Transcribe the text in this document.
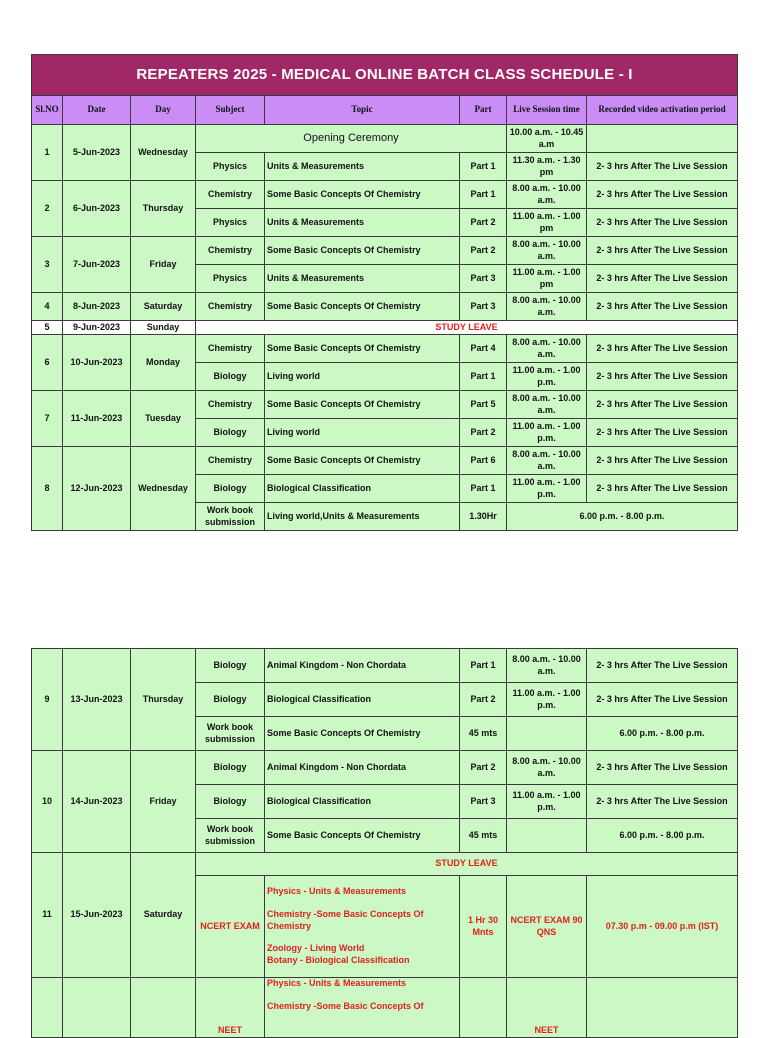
REPEATERS 2025 - MEDICAL ONLINE BATCH CLASS SCHEDULE - I							
Sl.NO	Date	Day	Subject	Topic	Part	Live Session time	Recorded video activation period
1	5-Jun-2023	Wednesday	Opening Ceremony			10.00 a.m. - 10.45 a.m	
			Physics	Units & Measurements	Part 1	11.30 a.m. - 1.30 pm	2- 3 hrs After The Live Session
2	6-Jun-2023	Thursday	Chemistry	Some Basic Concepts Of Chemistry	Part 1	8.00 a.m. - 10.00 a.m.	2- 3 hrs After The Live Session
			Physics	Units & Measurements	Part 2	11.00 a.m. - 1.00 pm	2- 3 hrs After The Live Session
3	7-Jun-2023	Friday	Chemistry	Some Basic Concepts Of Chemistry	Part 2	8.00 a.m. - 10.00 a.m.	2- 3 hrs After The Live Session
			Physics	Units & Measurements	Part 3	11.00 a.m. - 1.00 pm	2- 3 hrs After The Live Session
4	8-Jun-2023	Saturday	Chemistry	Some Basic Concepts Of Chemistry	Part 3	8.00 a.m. - 10.00 a.m.	2- 3 hrs After The Live Session
5	9-Jun-2023	Sunday	STUDY LEAVE				
6	10-Jun-2023	Monday	Chemistry	Some Basic Concepts Of Chemistry	Part 4	8.00 a.m. - 10.00 a.m.	2- 3 hrs After The Live Session
			Biology	Living world	Part 1	11.00 a.m. - 1.00 p.m.	2- 3 hrs After The Live Session
7	11-Jun-2023	Tuesday	Chemistry	Some Basic Concepts Of Chemistry	Part 5	8.00 a.m. - 10.00 a.m.	2- 3 hrs After The Live Session
			Biology	Living world	Part 2	11.00 a.m. - 1.00 p.m.	2- 3 hrs After The Live Session
8	12-Jun-2023	Wednesday	Chemistry	Some Basic Concepts Of Chemistry	Part 6	8.00 a.m. - 10.00 a.m.	2- 3 hrs After The Live Session
			Biology	Biological Classification	Part 1	11.00 a.m. - 1.00 p.m.	2- 3 hrs After The Live Session
			Work book submission	Living world,Units & Measurements	1.30Hr	6.00 p.m. - 8.00 p.m.	
9	13-Jun-2023	Thursday	Biology	Animal Kingdom - Non Chordata	Part 1	8.00 a.m. - 10.00 a.m.	2- 3 hrs After The Live Session
			Biology	Biological Classification	Part 2	11.00 a.m. - 1.00 p.m.	2- 3 hrs After The Live Session
			Work book submission	Some Basic Concepts Of Chemistry	45 mts		6.00 p.m. - 8.00 p.m.
10	14-Jun-2023	Friday	Biology	Animal Kingdom - Non Chordata	Part 2	8.00 a.m. - 10.00 a.m.	2- 3 hrs After The Live Session
			Biology	Biological Classification	Part 3	11.00 a.m. - 1.00 p.m.	2- 3 hrs After The Live Session
			Work book submission	Some Basic Concepts Of Chemistry	45 mts		6.00 p.m. - 8.00 p.m.
11	15-Jun-2023	Saturday	STUDY LEAVE				
			NCERT EXAM	Physics - Units & Measurements
Chemistry -Some Basic Concepts Of Chemistry
Zoology - Living World
Botany - Biological Classification	1 Hr 30 Mnts	NCERT EXAM 90 QNS	07.30 p.m - 09.00 p.m (IST)
			NEET	Physics - Units & Measurements
Chemistry -Some Basic Concepts Of		NEET	
